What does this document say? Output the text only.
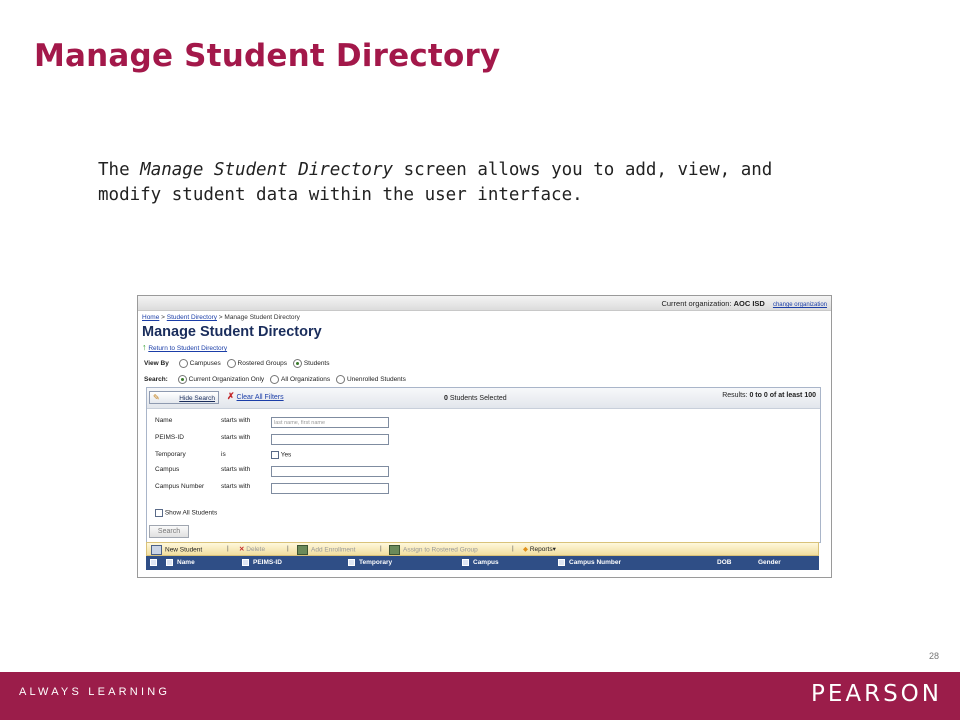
Manage Student Directory
The Manage Student Directory screen allows you to add, view, and modify student data within the user interface.
Current organization: AOC ISD change organization
Home > Student Directory > Manage Student Directory
Manage Student Directory
↑ Return to Student Directory
View By	Campuses	Rostered Groups	Students
Search:	Current Organization Only	All Organizations	Unenrolled Students
✎	Hide Search	✗ Clear All Filters	0 Students Selected	Results: 0 to 0 of at least 100
Name	starts with	last name, first name
PEIMS-ID	starts with
Temporary	is	Yes
Campus	starts with
Campus Number	starts with
Show All Students
Search
New Student	| ✕ Delete	|	Add Enrollment	|	Assign to Rostered Group	| ◆ Reports▾
Name	PEIMS-ID	Temporary	Campus	Campus Number	DOB	Gender
28
ALWAYS LEARNING	PEARSON
